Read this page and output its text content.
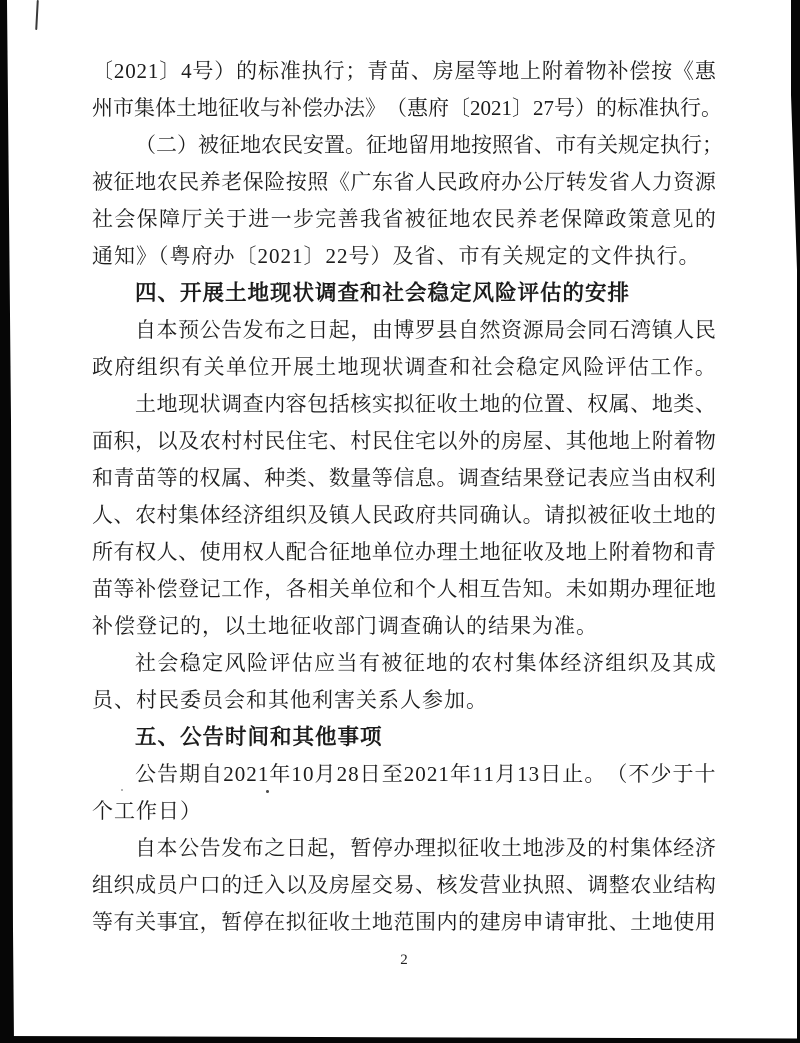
〔 2 0 2 1 〕 4 号 ） 的 标 准 执 行 ； 青 苗 、 房 屋 等 地 上 附 着 物 补 偿 按 《 惠
州 市 集 体 土 地 征 收 与 补 偿 办 法 》 （ 惠 府 〔 2 0 2 1 〕 2 7 号 ） 的 标 准 执 行 。
（ 二 ） 被 征 地 农 民 安 置 。 征 地 留 用 地 按 照 省 、 市 有 关 规 定 执 行 ；
被 征 地 农 民 养 老 保 险 按 照 《 广 东 省 人 民 政 府 办 公 厅 转 发 省 人 力 资 源
社 会 保 障 厅 关 于 进 一 步 完 善 我 省 被 征 地 农 民 养 老 保 障 政 策 意 见 的
通知》（粤府办〔2021〕22号）及省、市有关规定的文件执行。
四、开展土地现状调查和社会稳定风险评估的安排
自 本 预 公 告 发 布 之 日 起 ， 由 博 罗 县 自 然 资 源 局 会 同 石 湾 镇 人 民
政 府 组 织 有 关 单 位 开 展 土 地 现 状 调 查 和 社 会 稳 定 风 险 评 估 工 作 。
土 地 现 状 调 查 内 容 包 括 核 实 拟 征 收 土 地 的 位 置 、 权 属 、 地 类 、
面 积 ， 以 及 农 村 村 民 住 宅 、 村 民 住 宅 以 外 的 房 屋 、 其 他 地 上 附 着 物
和 青 苗 等 的 权 属 、 种 类 、 数 量 等 信 息 。 调 查 结 果 登 记 表 应 当 由 权 利
人 、 农 村 集 体 经 济 组 织 及 镇 人 民 政 府 共 同 确 认 。 请 拟 被 征 收 土 地 的
所 有 权 人 、 使 用 权 人 配 合 征 地 单 位 办 理 土 地 征 收 及 地 上 附 着 物 和 青
苗 等 补 偿 登 记 工 作 ， 各 相 关 单 位 和 个 人 相 互 告 知 。 未 如 期 办 理 征 地
补偿登记的，以土地征收部门调查确认的结果为准。
社 会 稳 定 风 险 评 估 应 当 有 被 征 地 的 农 村 集 体 经 济 组 织 及 其 成
员、村民委员会和其他利害关系人参加。
五、公告时间和其他事项
公 告 期 自 2 0 2 1 年 1 0 月 2 8 日 至 2 0 2 1 年 1 1 月 1 3 日 止 。 （ 不 少 于 十
个工作日）
自 本 公 告 发 布 之 日 起 ， 暂 停 办 理 拟 征 收 土 地 涉 及 的 村 集 体 经 济
组 织 成 员 户 口 的 迁 入 以 及 房 屋 交 易 、 核 发 营 业 执 照 、 调 整 农 业 结 构
等 有 关 事 宜 ， 暂 停 在 拟 征 收 土 地 范 围 内 的 建 房 申 请 审 批 、 土 地 使 用
2
